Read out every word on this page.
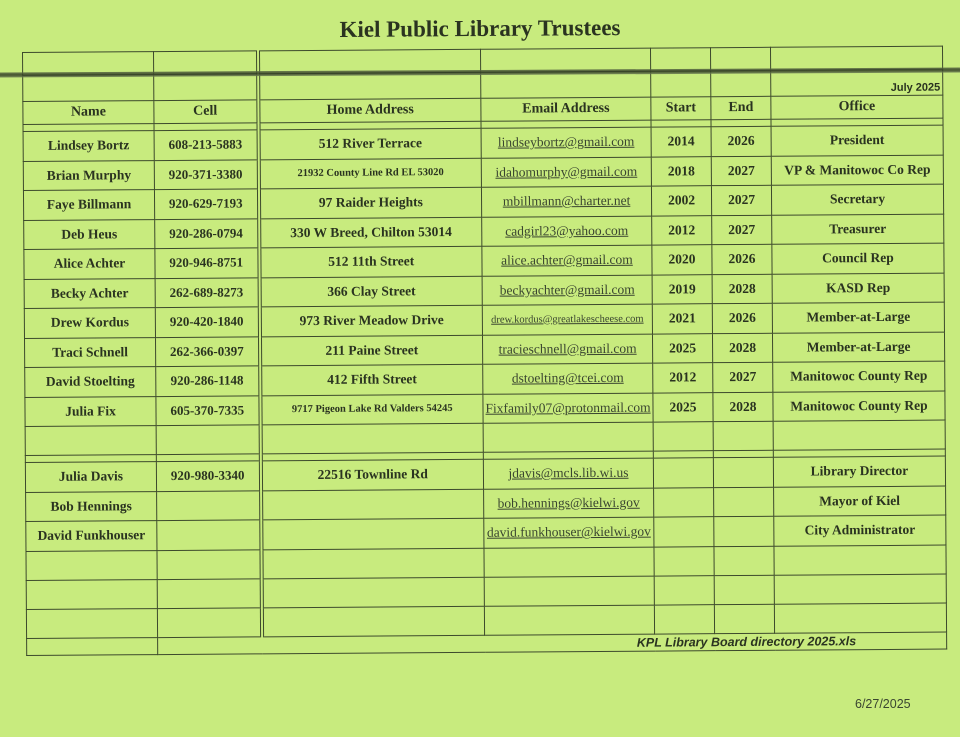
Kiel Public Library Trustees

						July 2025
Name	Cell	Home Address	Email Address	Start	End	Office

Lindsey Bortz	608-213-5883	512 River Terrace	lindseybortz@gmail.com	2014	2026	President
Brian Murphy	920-371-3380	21932 County Line Rd EL 53020	idahomurphy@gmail.com	2018	2027	VP & Manitowoc Co Rep
Faye Billmann	920-629-7193	97 Raider Heights	mbillmann@charter.net	2002	2027	Secretary
Deb Heus	920-286-0794	330 W Breed, Chilton 53014	cadgirl23@yahoo.com	2012	2027	Treasurer
Alice Achter	920-946-8751	512 11th Street	alice.achter@gmail.com	2020	2026	Council Rep
Becky Achter	262-689-8273	366 Clay Street	beckyachter@gmail.com	2019	2028	KASD Rep
Drew Kordus	920-420-1840	973 River Meadow Drive	drew.kordus@greatlakescheese.com	2021	2026	Member-at-Large
Traci Schnell	262-366-0397	211 Paine Street	tracieschnell@gmail.com	2025	2028	Member-at-Large
David Stoelting	920-286-1148	412 Fifth Street	dstoelting@tcei.com	2012	2027	Manitowoc County Rep
Julia Fix	605-370-7335	9717 Pigeon Lake Rd Valders 54245	Fixfamily07@protonmail.com	2025	2028	Manitowoc County Rep

Julia Davis	920-980-3340	22516 Townline Rd	jdavis@mcls.lib.wi.us			Library Director
Bob Hennings			bob.hennings@kielwi.gov			Mayor of Kiel
David Funkhouser			david.funkhouser@kielwi.gov			City Administrator

	KPL Library Board directory 2025.xls					
6/27/2025
